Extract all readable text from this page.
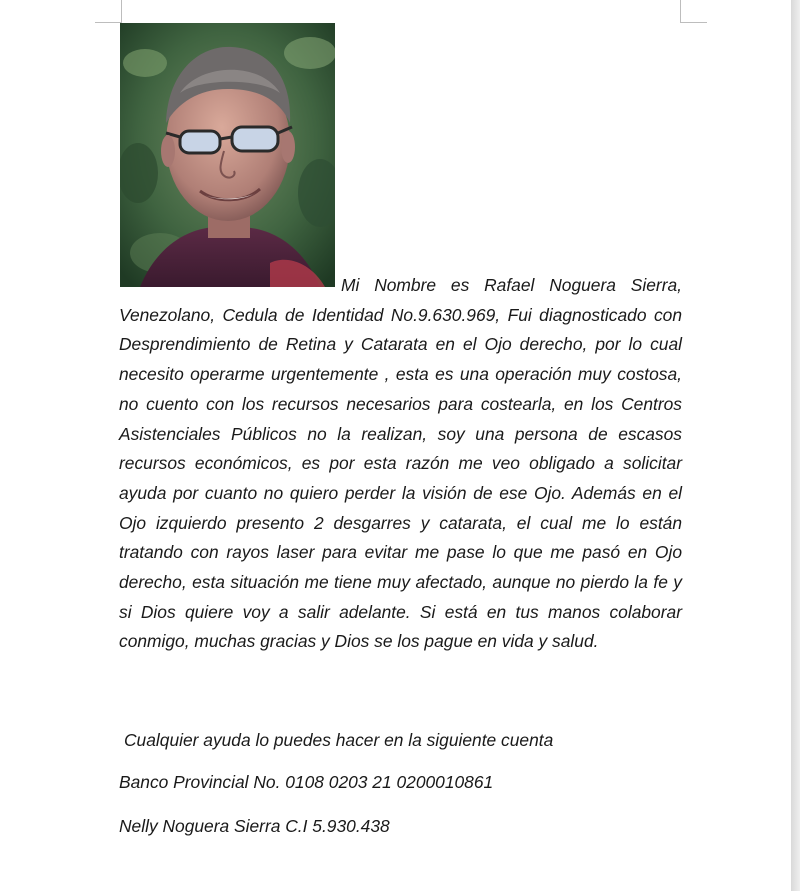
Mi Nombre es Rafael Noguera Sierra, Venezolano, Cedula de Identidad No.9.630.969, Fui diagnosticado con Desprendimiento de Retina y Catarata en el Ojo derecho, por lo cual necesito operarme urgentemente , esta es una operación muy costosa, no cuento con los recursos necesarios para costearla, en los Centros Asistenciales Públicos no la realizan, soy una persona de escasos recursos económicos, es por esta razón me veo obligado a solicitar ayuda por cuanto no quiero perder la visión de ese Ojo. Además en el Ojo izquierdo presento 2 desgarres y catarata, el cual me lo están tratando con rayos laser para evitar me pase lo que me pasó en Ojo derecho, esta situación me tiene muy afectado, aunque no pierdo la fe y si Dios quiere voy a salir adelante. Si está en tus manos colaborar conmigo, muchas gracias y Dios se los pague en vida y salud.
Cualquier ayuda lo puedes hacer en la siguiente cuenta
Banco Provincial No. 0108 0203 21 0200010861
Nelly Noguera Sierra C.I 5.930.438
